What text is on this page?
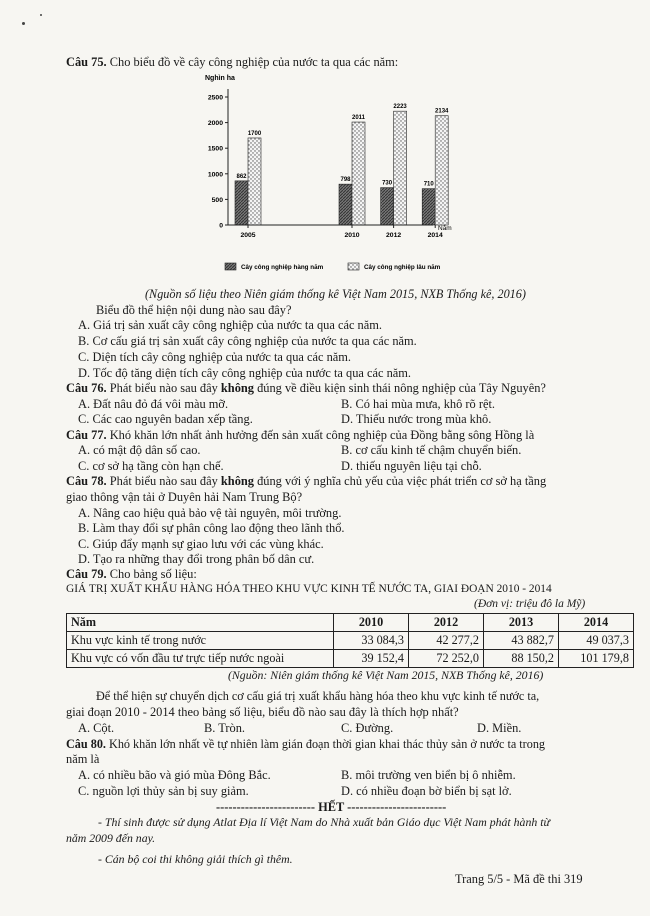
Câu 75. Cho biểu đồ về cây công nghiệp của nước ta qua các năm:
Nghìn ha
0
500
1000
1500
2000
2500
862
1700
798
2011
730
2223
710
2134
2005	2010	2012	2014
Năm
Cây công nghiệp hàng năm	Cây công nghiệp lâu năm
(Nguồn số liệu theo Niên giám thống kê Việt Nam 2015, NXB Thống kê, 2016)
Biểu đồ thể hiện nội dung nào sau đây?
A. Giá trị sản xuất cây công nghiệp của nước ta qua các năm.
B. Cơ cấu giá trị sản xuất cây công nghiệp của nước ta qua các năm.
C. Diện tích cây công nghiệp của nước ta qua các năm.
D. Tốc độ tăng diện tích cây công nghiệp của nước ta qua các năm.
Câu 76. Phát biểu nào sau đây không đúng về điều kiện sinh thái nông nghiệp của Tây Nguyên?
A. Đất nâu đỏ đá vôi màu mỡ.	B. Có hai mùa mưa, khô rõ rệt.
C. Các cao nguyên badan xếp tầng.	D. Thiếu nước trong mùa khô.
Câu 77. Khó khăn lớn nhất ảnh hưởng đến sản xuất công nghiệp của Đồng bằng sông Hồng là
A. có mật độ dân số cao.	B. cơ cấu kinh tế chậm chuyển biến.
C. cơ sở hạ tầng còn hạn chế.	D. thiếu nguyên liệu tại chỗ.
Câu 78. Phát biểu nào sau đây không đúng với ý nghĩa chủ yếu của việc phát triển cơ sở hạ tầng
giao thông vận tải ở Duyên hải Nam Trung Bộ?
A. Nâng cao hiệu quả bảo vệ tài nguyên, môi trường.
B. Làm thay đổi sự phân công lao động theo lãnh thổ.
C. Giúp đẩy mạnh sự giao lưu với các vùng khác.
D. Tạo ra những thay đổi trong phân bố dân cư.
Câu 79. Cho bảng số liệu:
GIÁ TRỊ XUẤT KHẨU HÀNG HÓA THEO KHU VỰC KINH TẾ NƯỚC TA, GIAI ĐOẠN 2010 - 2014
(Đơn vị: triệu đô la Mỹ)
Năm	2010	2012	2013	2014
Khu vực kinh tế trong nước	33 084,3	42 277,2	43 882,7	49 037,3
Khu vực có vốn đầu tư trực tiếp nước ngoài	39 152,4	72 252,0	88 150,2	101 179,8
(Nguồn: Niên giám thống kê Việt Nam 2015, NXB Thống kê, 2016)
Để thể hiện sự chuyển dịch cơ cấu giá trị xuất khẩu hàng hóa theo khu vực kinh tế nước ta,
giai đoạn 2010 - 2014 theo bảng số liệu, biểu đồ nào sau đây là thích hợp nhất?
A. Cột.	B. Tròn.	C. Đường.	D. Miền.
Câu 80. Khó khăn lớn nhất về tự nhiên làm gián đoạn thời gian khai thác thủy sản ở nước ta trong
năm là
A. có nhiều bão và gió mùa Đông Bắc.	B. môi trường ven biển bị ô nhiễm.
C. nguồn lợi thủy sản bị suy giảm.	D. có nhiều đoạn bờ biển bị sạt lở.
------------------------ HẾT ------------------------
- Thí sinh được sử dụng Atlat Địa lí Việt Nam do Nhà xuất bản Giáo dục Việt Nam phát hành từ
năm 2009 đến nay.
- Cán bộ coi thi không giải thích gì thêm.
Trang 5/5 - Mã đề thi 319
